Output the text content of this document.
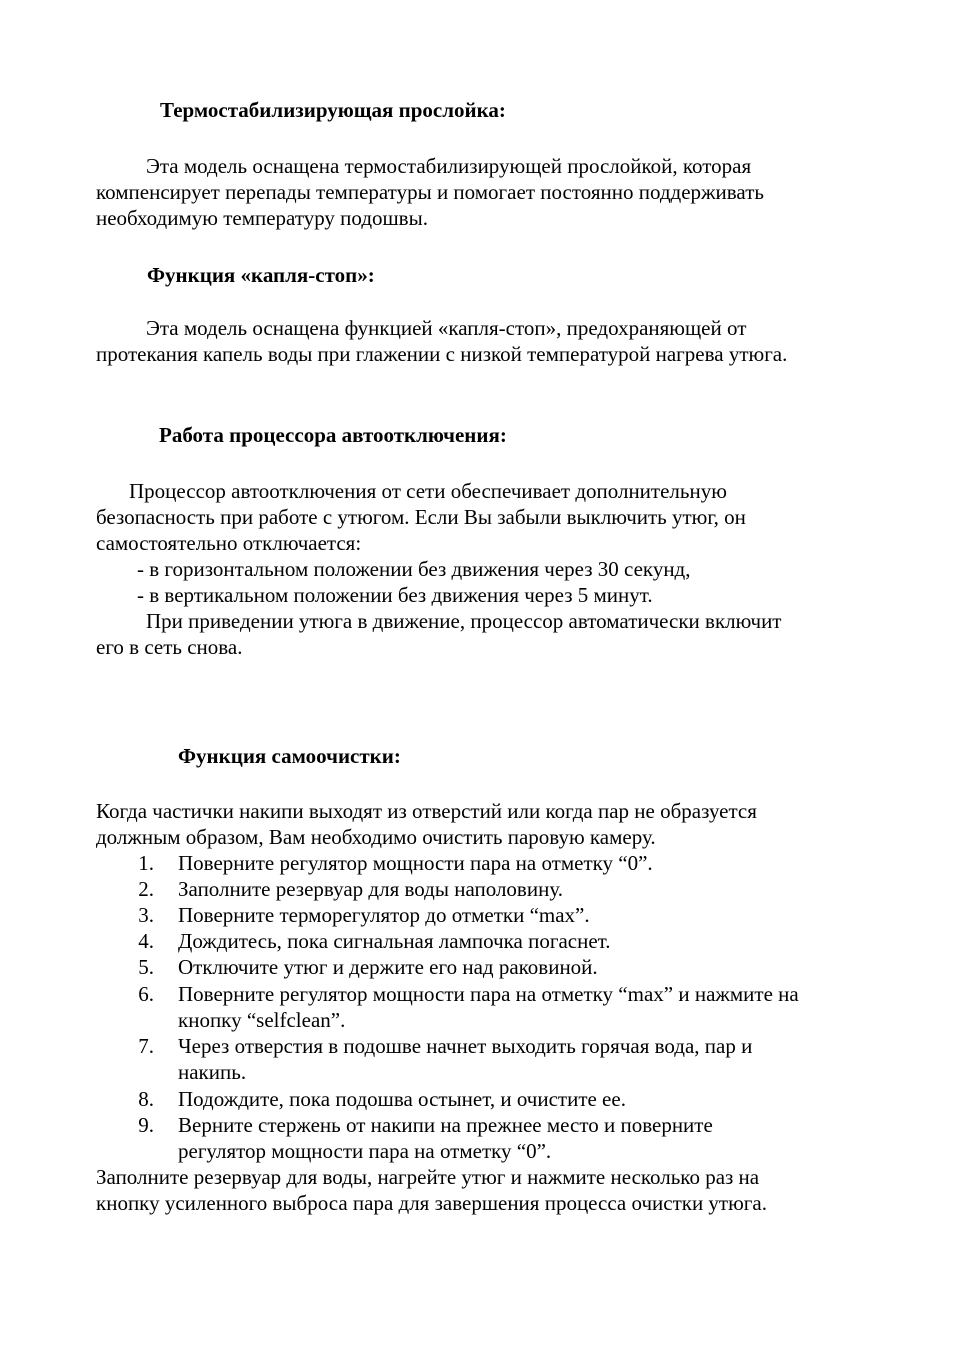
Термостабилизирующая прослойка:
Эта модель оснащена термостабилизирующей прослойкой, которая
компенсирует перепады температуры и помогает постоянно поддерживать
необходимую температуру подошвы.
Функция «капля-стоп»:
Эта модель оснащена функцией «капля-стоп», предохраняющей от
протекания капель воды при глажении с низкой температурой нагрева утюга.
Работа процессора автоотключения:
Процессор автоотключения от сети обеспечивает дополнительную
безопасность при работе с утюгом. Если Вы забыли выключить утюг, он
самостоятельно отключается:
- в горизонтальном положении без движения через 30 секунд,
- в вертикальном положении без движения через 5 минут.
При приведении утюга в движение, процессор автоматически включит
его в сеть снова.
Функция самоочистки:
Когда частички накипи выходят из отверстий или когда пар не образуется
должным образом, Вам необходимо очистить паровую камеру.
1. Поверните регулятор мощности пара на отметку “0”.
2. Заполните резервуар для воды наполовину.
3. Поверните терморегулятор до отметки “max”.
4. Дождитесь, пока сигнальная лампочка погаснет.
5. Отключите утюг и держите его над раковиной.
6. Поверните регулятор мощности пара на отметку “max” и нажмите на
кнопку “selfclean”.
7. Через отверстия в подошве начнет выходить горячая вода, пар и
накипь.
8. Подождите, пока подошва остынет, и очистите ее.
9. Верните стержень от накипи на прежнее место и поверните
регулятор мощности пара на отметку “0”.
Заполните резервуар для воды, нагрейте утюг и нажмите несколько раз на
кнопку усиленного выброса пара для завершения процесса очистки утюга.
